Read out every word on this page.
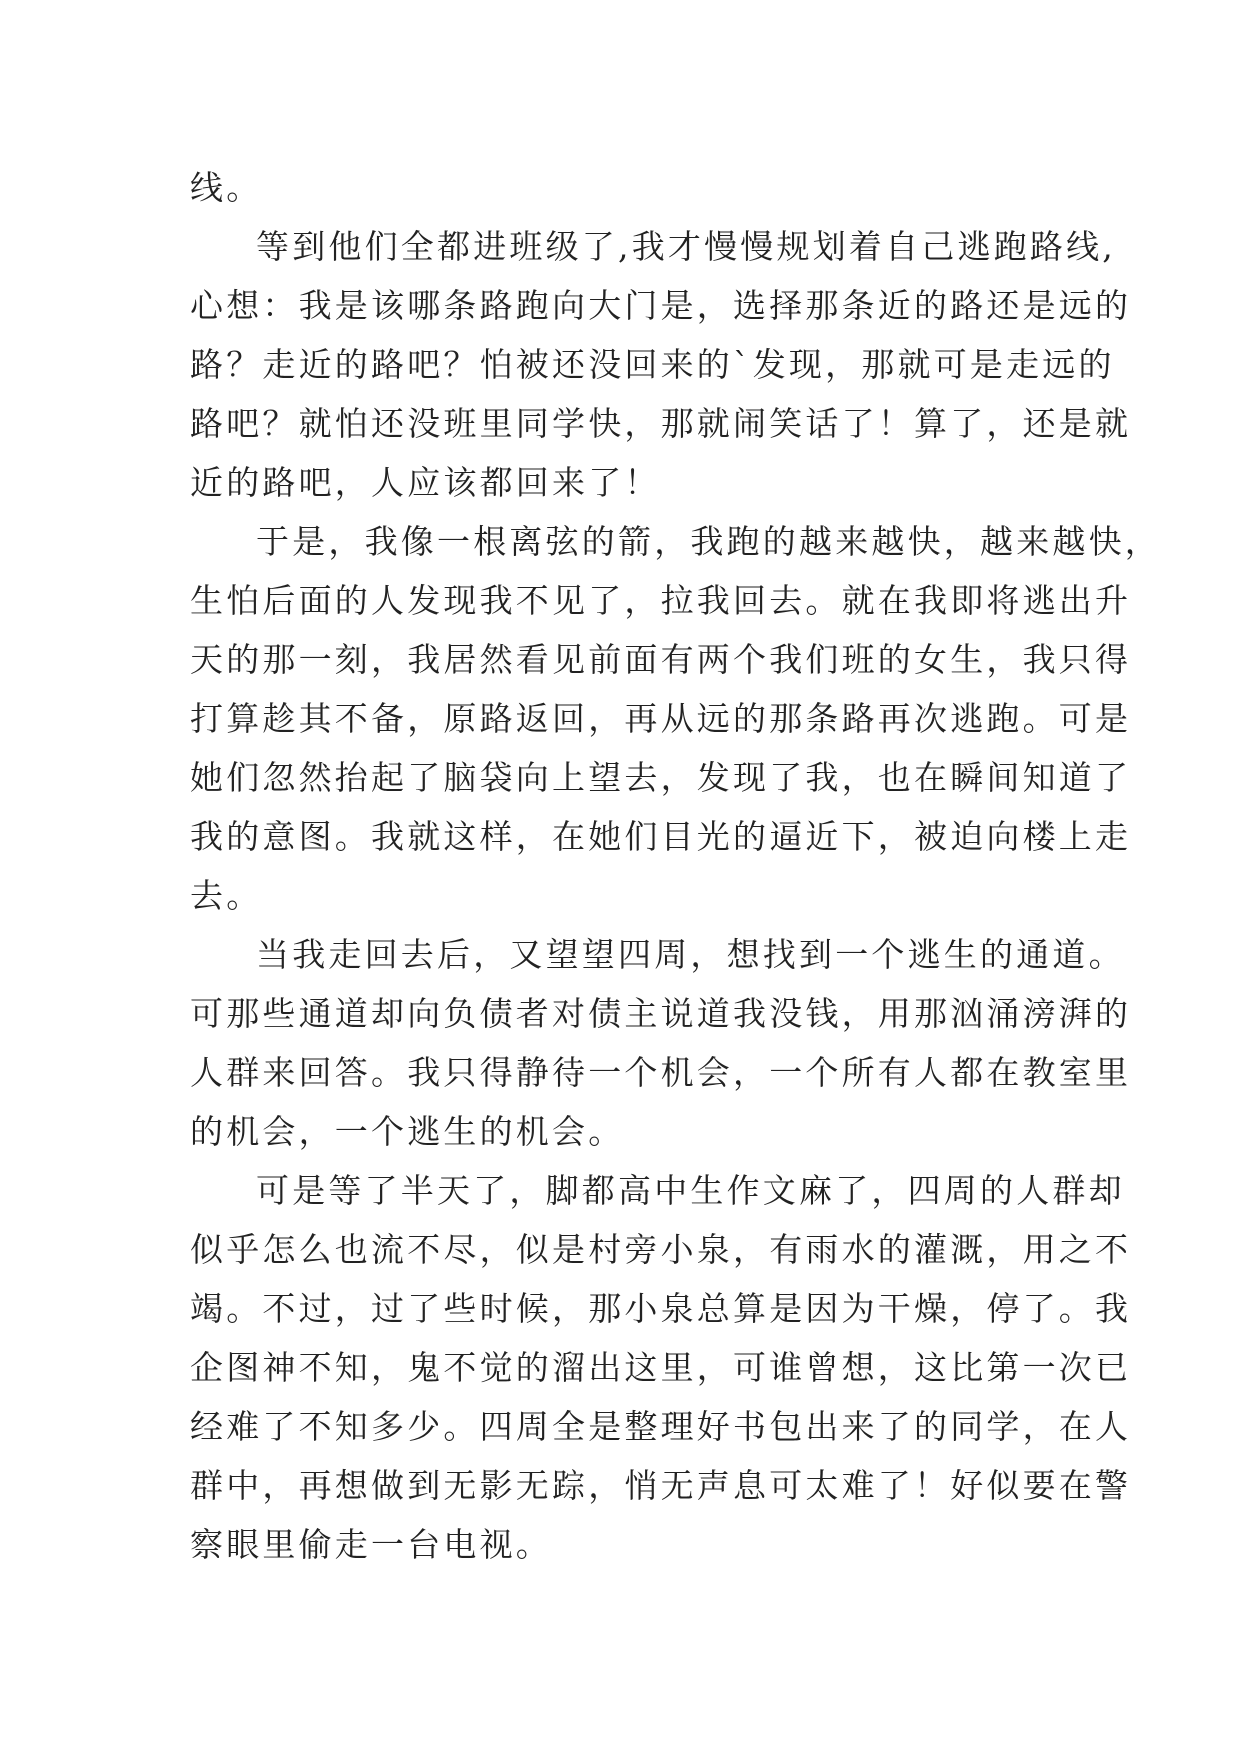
线。
等到他们全都进班级了,我才慢慢规划着自己逃跑路线,
心想：我是该哪条路跑向大门是，选择那条近的路还是远的
路？走近的路吧？怕被还没回来的`发现，那就可是走远的
路吧？就怕还没班里同学快，那就闹笑话了！算了，还是就
近的路吧，人应该都回来了！
于是，我像一根离弦的箭，我跑的越来越快，越来越快，
生怕后面的人发现我不见了，拉我回去。就在我即将逃出升
天的那一刻，我居然看见前面有两个我们班的女生，我只得
打算趁其不备，原路返回，再从远的那条路再次逃跑。可是
她们忽然抬起了脑袋向上望去，发现了我，也在瞬间知道了
我的意图。我就这样，在她们目光的逼近下，被迫向楼上走
去。
当我走回去后，又望望四周，想找到一个逃生的通道。
可那些通道却向负债者对债主说道我没钱，用那汹涌滂湃的
人群来回答。我只得静待一个机会，一个所有人都在教室里
的机会，一个逃生的机会。
可是等了半天了，脚都高中生作文麻了，四周的人群却
似乎怎么也流不尽，似是村旁小泉，有雨水的灌溉，用之不
竭。不过，过了些时候，那小泉总算是因为干燥，停了。我
企图神不知，鬼不觉的溜出这里，可谁曾想，这比第一次已
经难了不知多少。四周全是整理好书包出来了的同学，在人
群中，再想做到无影无踪，悄无声息可太难了！好似要在警
察眼里偷走一台电视。
